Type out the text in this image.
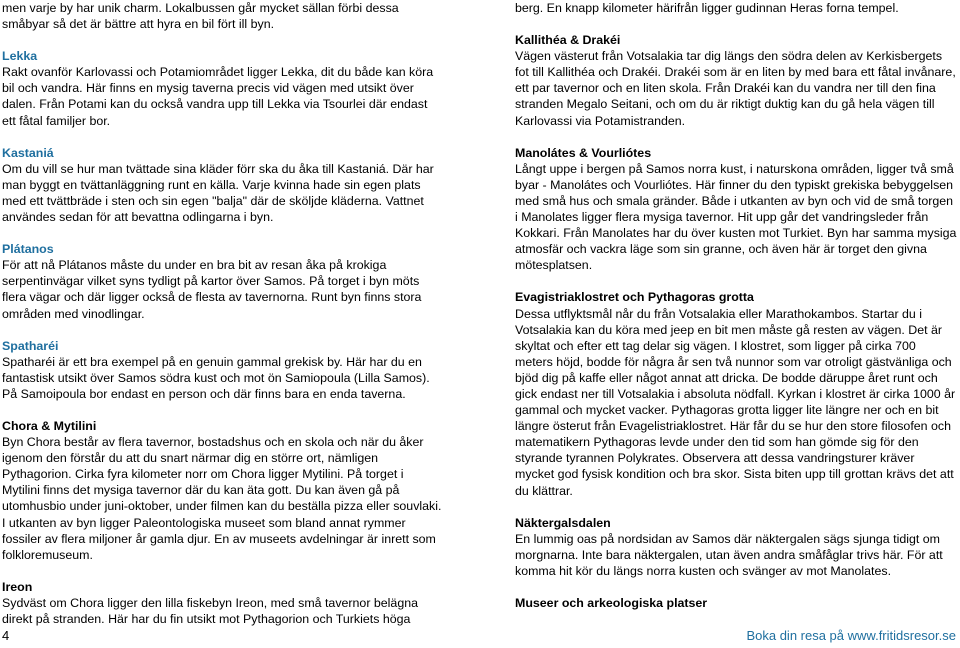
men varje by har unik charm. Lokalbussen går mycket sällan förbi dessa småbyar så det är bättre att hyra en bil fört ill byn.
Lekka
Rakt ovanför Karlovassi och Potamiområdet ligger Lekka, dit du både kan köra bil och vandra. Här finns en mysig taverna precis vid vägen med utsikt över dalen. Från Potami kan du också vandra upp till Lekka via Tsourlei där endast ett fåtal familjer bor.
Kastaniá
Om du vill se hur man tvättade sina kläder förr ska du åka till Kastaniá. Där har man byggt en tvättanläggning runt en källa. Varje kvinna hade sin egen plats med ett tvättbräde i sten och sin egen "balja" där de sköljde kläderna. Vattnet användes sedan för att bevattna odlingarna i byn.
Plátanos
För att nå Plátanos måste du under en bra bit av resan åka på krokiga serpentinvägar vilket syns tydligt på kartor över Samos. På torget i byn möts flera vägar och där ligger också de flesta av tavernorna. Runt byn finns stora områden med vinodlingar.
Spatharéi
Spatharéi är ett bra exempel på en genuin gammal grekisk by. Här har du en fantastisk utsikt över Samos södra kust och mot ön Samiopoula (Lilla Samos). På Samoipoula bor endast en person och där finns bara en enda taverna.
Chora & Mytilini
Byn Chora består av flera tavernor, bostadshus och en skola och när du åker igenom den förstår du att du snart närmar dig en större ort, nämligen Pythagorion. Cirka fyra kilometer norr om Chora ligger Mytilini. På torget i Mytilini finns det mysiga tavernor där du kan äta gott. Du kan även gå på utomhusbio under juni-oktober, under filmen kan du beställa pizza eller souvlaki. I utkanten av byn ligger Paleontologiska museet som bland annat rymmer fossiler av flera miljoner år gamla djur. En av museets avdelningar är inrett som folkloremuseum.
Ireon
Sydväst om Chora ligger den lilla fiskebyn Ireon, med små tavernor belägna direkt på stranden. Här har du fin utsikt mot Pythagorion och Turkiets höga
berg. En knapp kilometer härifrån ligger gudinnan Heras forna tempel.
Kallithéa & Drakéi
Vägen västerut från Votsalakia tar dig längs den södra delen av Kerkisbergets fot till Kallithéa och Drakéi. Drakéi som är en liten by med bara ett fåtal invånare, ett par tavernor och en liten skola. Från Drakéi kan du vandra ner till den fina stranden Megalo Seitani, och om du är riktigt duktig kan du gå hela vägen till Karlovassi via Potamistranden.
Manolátes & Vourliótes
Långt uppe i bergen på Samos norra kust, i naturskona områden, ligger två små byar - Manolátes och Vourliótes. Här finner du den typiskt grekiska bebyggelsen med små hus och smala gränder. Både i utkanten av byn och vid de små torgen i Manolates ligger flera mysiga tavernor. Hit upp går det vandringsleder från Kokkari. Från Manolates har du över kusten mot Turkiet. Byn har samma mysiga atmosfär och vackra läge som sin granne, och även här är torget den givna mötesplatsen.
Evagistriaklostret och Pythagoras grotta
Dessa utflyktsmål når du från Votsalakia eller Marathokambos. Startar du i Votsalakia kan du köra med jeep en bit men måste gå resten av vägen. Det är skyltat och efter ett tag delar sig vägen. I klostret, som ligger på cirka 700 meters höjd, bodde för några år sen två nunnor som var otroligt gästvänliga och bjöd dig på kaffe eller något annat att dricka. De bodde däruppe året runt och gick endast ner till Votsalakia i absoluta nödfall. Kyrkan i klostret är cirka 1000 år gammal och mycket vacker. Pythagoras grotta ligger lite längre ner och en bit längre österut från Evagelistriaklostret. Här får du se hur den store filosofen och matematikern Pythagoras levde under den tid som han gömde sig för den styrande tyrannen Polykrates. Observera att dessa vandringsturer kräver mycket god fysisk kondition och bra skor. Sista biten upp till grottan krävs det att du klättrar.
Näktergalsdalen
En lummig oas på nordsidan av Samos där näktergalen sägs sjunga tidigt om morgnarna. Inte bara näktergalen, utan även andra småfåglar trivs här. För att komma hit kör du längs norra kusten och svänger av mot Manolates.
Museer och arkeologiska platser
4	Boka din resa på www.fritidsresor.se
